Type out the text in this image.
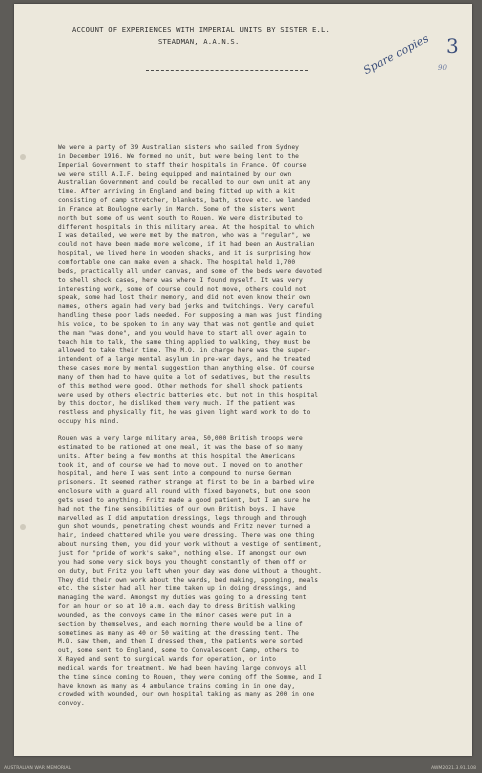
ACCOUNT OF EXPERIENCES WITH IMPERIAL UNITS BY SISTER E.L.
STEADMAN, A.A.N.S.	Spare copies 3
90
We were a party of 39 Australian sisters who sailed from Sydney
in December 1916. We formed no unit, but were being lent to the
Imperial Government to staff their hospitals in France. Of course
we were still A.I.F. being equipped and maintained by our own
Australian Government and could be recalled to our own unit at any
time. After arriving in England and being fitted up with a kit
consisting of camp stretcher, blankets, bath, stove etc. we landed
in France at Boulogne early in March. Some of the sisters went
north but some of us went south to Rouen. We were distributed to
different hospitals in this military area. At the hospital to which
I was detailed, we were met by the matron, who was a "regular", we
could not have been made more welcome, if it had been an Australian
hospital, we lived here in wooden shacks, and it is surprising how
comfortable one can make even a shack. The hospital held 1,700
beds, practically all under canvas, and some of the beds were devoted
to shell shock cases, here was where I found myself. It was very
interesting work, some of course could not move, others could not
speak, some had lost their memory, and did not even know their own
names, others again had very bad jerks and twitchings. Very careful
handling these poor lads needed. For supposing a man was just finding
his voice, to be spoken to in any way that was not gentle and quiet
the man "was done", and you would have to start all over again to
teach him to talk, the same thing applied to walking, they must be
allowed to take their time. The M.O. in charge here was the super-
intendent of a large mental asylum in pre-war days, and he treated
these cases more by mental suggestion than anything else. Of course
many of them had to have quite a lot of sedatives, but the results
of this method were good. Other methods for shell shock patients
were used by others electric batteries etc. but not in this hospital
by this doctor, he disliked them very much. If the patient was
restless and physically fit, he was given light ward work to do to
occupy his mind.
Rouen was a very large military area, 50,000 British troops were
estimated to be rationed at one meal, it was the base of so many
units. After being a few months at this hospital the Americans
took it, and of course we had to move out. I moved on to another
hospital, and here I was sent into a compound to nurse German
prisoners. It seemed rather strange at first to be in a barbed wire
enclosure with a guard all round with fixed bayonets, but one soon
gets used to anything. Fritz made a good patient, but I am sure he
had not the fine sensibilities of our own British boys. I have
marvelled as I did amputation dressings, legs through and through
gun shot wounds, penetrating chest wounds and Fritz never turned a
hair, indeed chattered while you were dressing. There was one thing
about nursing them, you did your work without a vestige of sentiment,
just for "pride of work's sake", nothing else. If amongst our own
you had some very sick boys you thought constantly of them off or
on duty, but Fritz you left when your day was done without a thought.
They did their own work about the wards, bed making, sponging, meals
etc. the sister had all her time taken up in doing dressings, and
managing the ward. Amongst my duties was going to a dressing tent
for an hour or so at 10 a.m. each day to dress British walking
wounded, as the convoys came in the minor cases were put in a
section by themselves, and each morning there would be a line of
sometimes as many as 40 or 50 waiting at the dressing tent. The
M.O. saw them, and then I dressed them, the patients were sorted
out, some sent to England, some to Convalescent Camp, others to
X Rayed and sent to surgical wards for operation, or into
medical wards for treatment. We had been having large convoys all
the time since coming to Rouen, they were coming off the Somme, and I
have known as many as 4 ambulance trains coming in in one day,
crowded with wounded, our own hospital taking as many as 200 in one
convoy.
AUSTRALIAN WAR MEMORIAL	AWM2021.3.91.108
